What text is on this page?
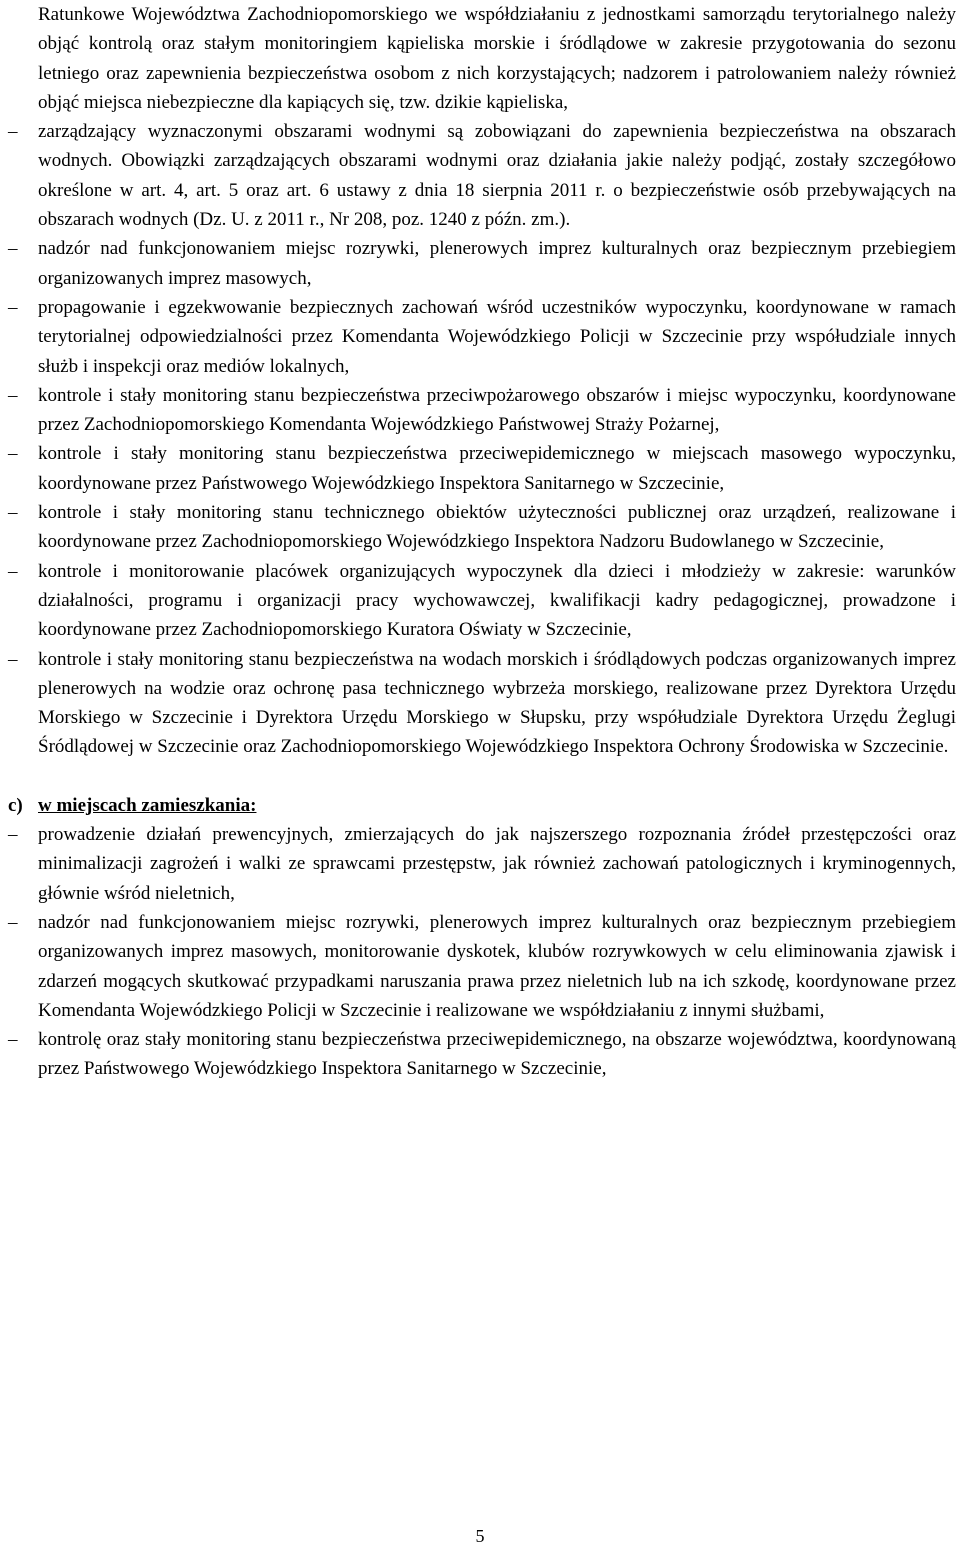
Ratunkowe Województwa Zachodniopomorskiego we współdziałaniu z jednostkami samorządu terytorialnego należy objąć kontrolą oraz stałym monitoringiem kąpieliska morskie i śródlądowe w zakresie przygotowania do sezonu letniego oraz zapewnienia bezpieczeństwa osobom z nich korzystających; nadzorem i patrolowaniem należy również objąć miejsca niebezpieczne dla kapiących się, tzw. dzikie kąpieliska,

–	zarządzający wyznaczonymi obszarami wodnymi są zobowiązani do zapewnienia bezpieczeństwa na obszarach wodnych. Obowiązki zarządzających obszarami wodnymi oraz działania jakie należy podjąć, zostały szczegółowo określone w art. 4, art. 5 oraz art. 6 ustawy z dnia 18 sierpnia 2011 r. o bezpieczeństwie osób przebywających na obszarach wodnych (Dz. U. z 2011 r., Nr 208, poz. 1240 z późn. zm.).
–	nadzór nad funkcjonowaniem miejsc rozrywki, plenerowych imprez kulturalnych oraz bezpiecznym przebiegiem organizowanych imprez masowych,
–	propagowanie i egzekwowanie bezpiecznych zachowań wśród uczestników wypoczynku, koordynowane w ramach terytorialnej odpowiedzialności przez Komendanta Wojewódzkiego Policji w Szczecinie przy współudziale innych służb i inspekcji oraz mediów lokalnych,
–	kontrole i stały monitoring stanu bezpieczeństwa przeciwpożarowego obszarów i miejsc wypoczynku, koordynowane przez Zachodniopomorskiego Komendanta Wojewódzkiego Państwowej Straży Pożarnej,
–	kontrole i stały monitoring stanu bezpieczeństwa przeciwepidemicznego w miejscach masowego wypoczynku, koordynowane przez Państwowego Wojewódzkiego Inspektora Sanitarnego w Szczecinie,
–	kontrole i stały monitoring stanu technicznego obiektów użyteczności publicznej oraz urządzeń, realizowane i koordynowane przez Zachodniopomorskiego Wojewódzkiego Inspektora Nadzoru Budowlanego w Szczecinie,
–	kontrole i monitorowanie placówek organizujących wypoczynek dla dzieci i młodzieży w zakresie: warunków działalności, programu i organizacji pracy wychowawczej, kwalifikacji kadry pedagogicznej, prowadzone i koordynowane przez Zachodniopomorskiego Kuratora Oświaty w Szczecinie,
–	kontrole i stały monitoring stanu bezpieczeństwa na wodach morskich i śródlądowych podczas organizowanych imprez plenerowych na wodzie oraz ochronę pasa technicznego wybrzeża morskiego, realizowane przez Dyrektora Urzędu Morskiego w Szczecinie i Dyrektora Urzędu Morskiego w Słupsku, przy współudziale Dyrektora Urzędu Żeglugi Śródlądowej w Szczecinie oraz Zachodniopomorskiego Wojewódzkiego Inspektora Ochrony Środowiska w Szczecinie.
c) w miejscach zamieszkania:
–	prowadzenie działań prewencyjnych, zmierzających do jak najszerszego rozpoznania źródeł przestępczości oraz minimalizacji zagrożeń i walki ze sprawcami przestępstw, jak również zachowań patologicznych i kryminogennych, głównie wśród nieletnich,
–	nadzór nad funkcjonowaniem miejsc rozrywki, plenerowych imprez kulturalnych oraz bezpiecznym przebiegiem organizowanych imprez masowych, monitorowanie dyskotek, klubów rozrywkowych w celu eliminowania zjawisk i zdarzeń mogących skutkować przypadkami naruszania prawa przez nieletnich lub na ich szkodę, koordynowane przez Komendanta Wojewódzkiego Policji w Szczecinie i realizowane we współdziałaniu z innymi służbami,
–	kontrolę oraz stały monitoring stanu bezpieczeństwa przeciwepidemicznego, na obszarze województwa, koordynowaną przez Państwowego Wojewódzkiego Inspektora Sanitarnego w Szczecinie,
5
